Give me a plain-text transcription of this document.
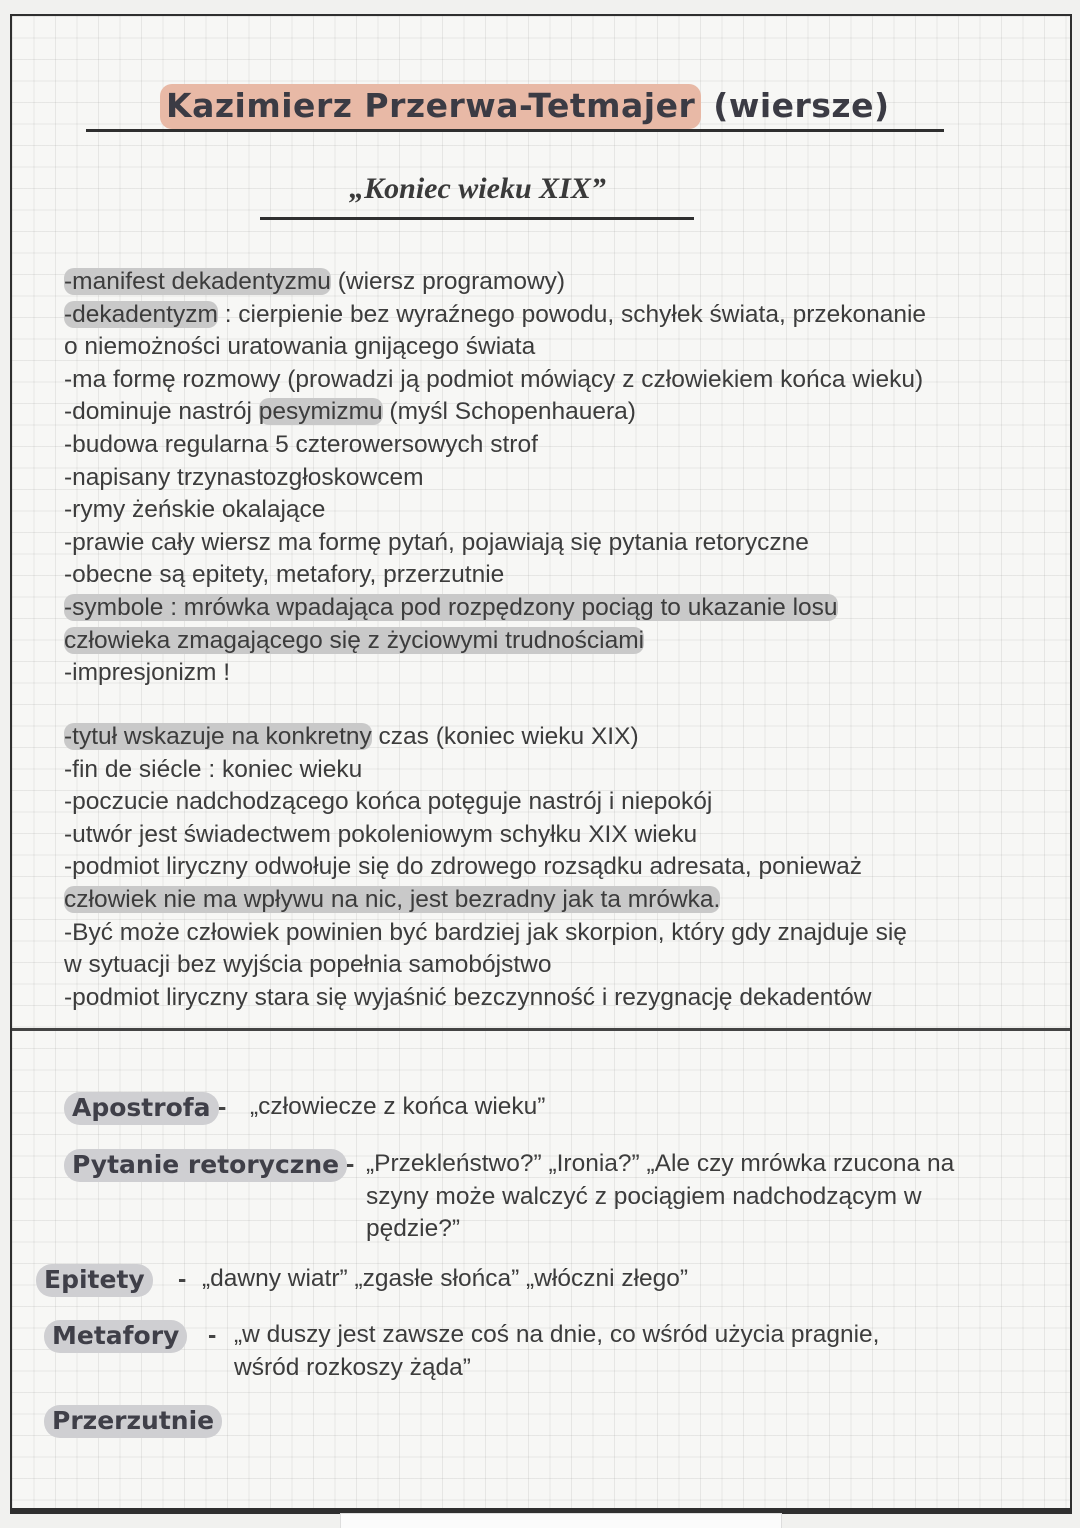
Kazimierz Przerwa-Tetmajer (wiersze)
„Koniec wieku XIX”
-manifest dekadentyzmu (wiersz programowy)
-dekadentyzm : cierpienie bez wyraźnego powodu, schyłek świata, przekonanie
o niemożności uratowania gnijącego świata
-ma formę rozmowy (prowadzi ją podmiot mówiący z człowiekiem końca wieku)
-dominuje nastrój pesymizmu (myśl Schopenhauera)
-budowa regularna 5 czterowersowych strof
-napisany trzynastozgłoskowcem
-rymy żeńskie okalające
-prawie cały wiersz ma formę pytań, pojawiają się pytania retoryczne
-obecne są epitety, metafory, przerzutnie
-symbole : mrówka wpadająca pod rozpędzony pociąg to ukazanie losu
człowieka zmagającego się z życiowymi trudnościami
-impresjonizm !
-tytuł wskazuje na konkretny czas (koniec wieku XIX)
-fin de siécle : koniec wieku
-poczucie nadchodzącego końca potęguje nastrój i niepokój
-utwór jest świadectwem pokoleniowym schyłku XIX wieku
-podmiot liryczny odwołuje się do zdrowego rozsądku adresata, ponieważ
człowiek nie ma wpływu na nic, jest bezradny jak ta mrówka.
-Być może człowiek powinien być bardziej jak skorpion, który gdy znajduje się
w sytuacji bez wyjścia popełnia samobójstwo
-podmiot liryczny stara się wyjaśnić bezczynność i rezygnację dekadentów
Apostrofa - „człowiecze z końca wieku”
Pytanie retoryczne - „Przekleństwo?” „Ironia?” „Ale czy mrówka rzucona na
szyny może walczyć z pociągiem nadchodzącym w
pędzie?”
Epitety	- „dawny wiatr” „zgasłe słońca” „włóczni złego”
Metafory	- „w duszy jest zawsze coś na dnie, co wśród użycia pragnie,
wśród rozkoszy żąda”
Przerzutnie
